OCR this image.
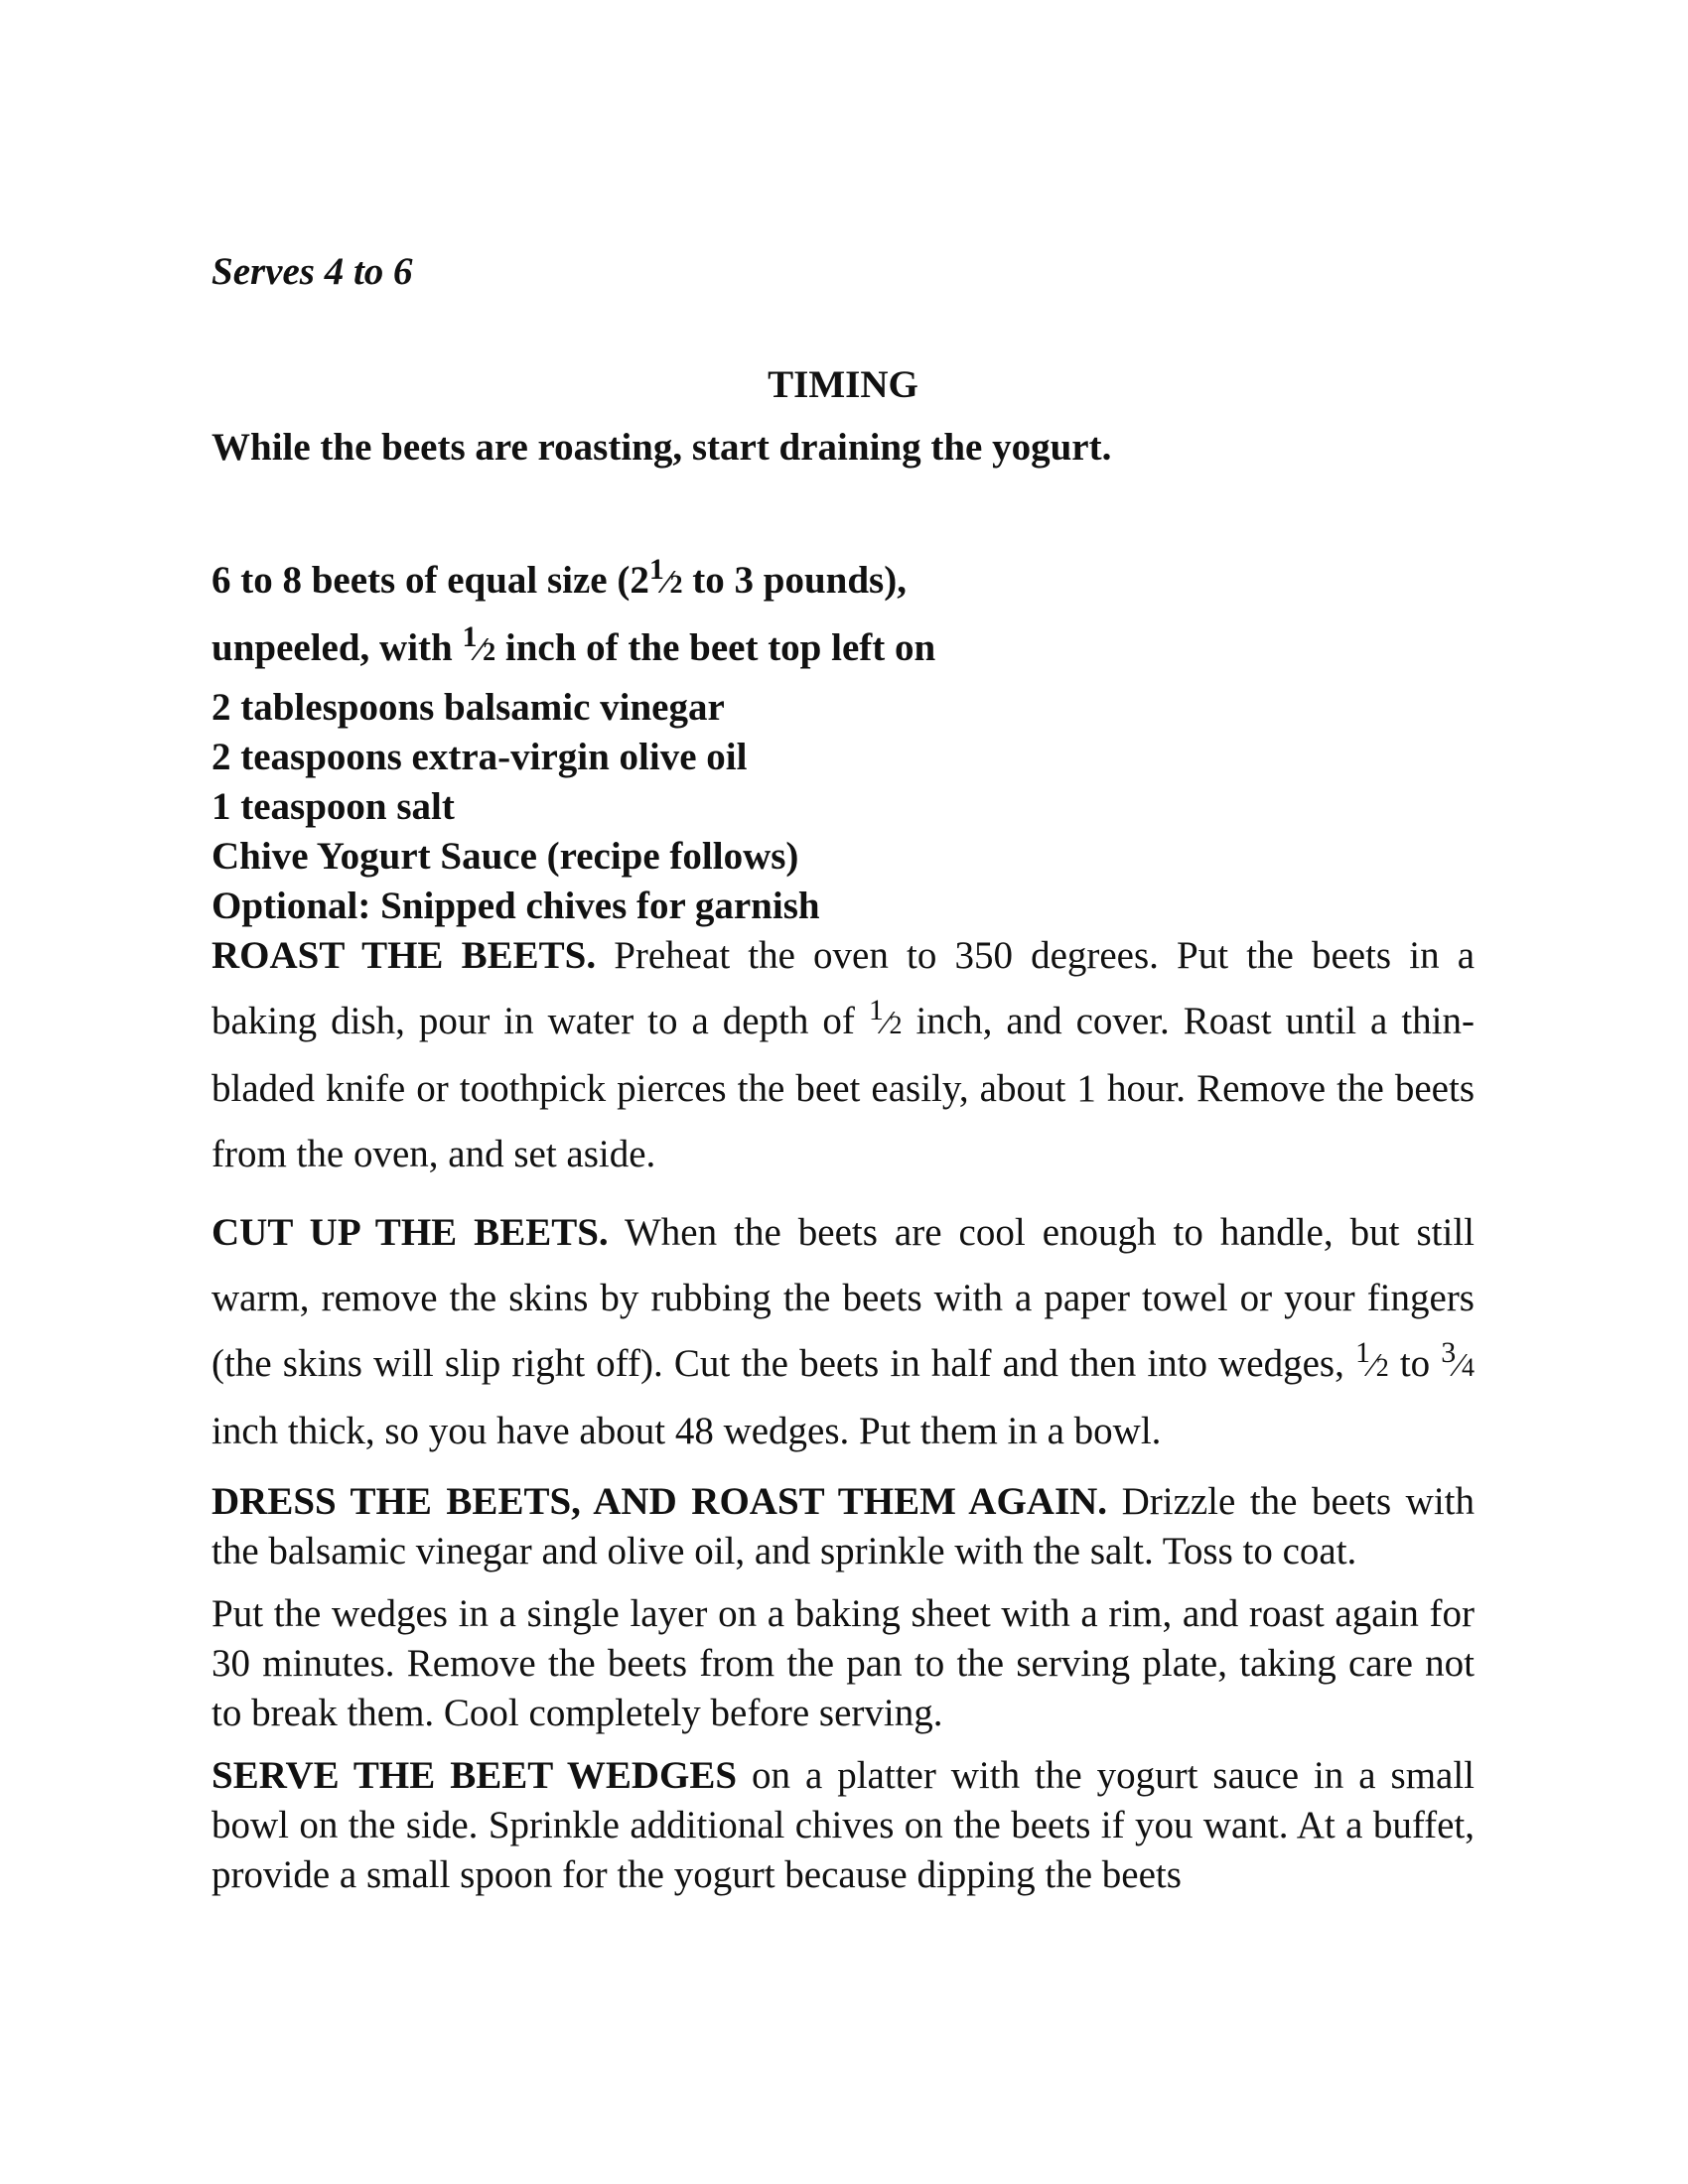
Serves 4 to 6

TIMING

While the beets are roasting, start draining the yogurt.

6 to 8 beets of equal size ($2^1⁄2$ to 3 pounds),
unpeeled, with $^1$⁄2 inch of the beet top left on
2 tablespoons balsamic vinegar
2 teaspoons extra-virgin olive oil
1 teaspoon salt
Chive Yogurt Sauce (recipe follows)
Optional: Snipped chives for garnish

ROAST THE BEETS. Preheat the oven to 350 degrees. Put the beets in a baking dish, pour in water to a depth of $^1$⁄2 inch, and cover. Roast until a thin-bladed knife or toothpick pierces the beet easily, about 1 hour. Remove the beets from the oven, and set aside.

CUT UP THE BEETS. When the beets are cool enough to handle, but still warm, remove the skins by rubbing the beets with a paper towel or your fingers (the skins will slip right off). Cut the beets in half and then into wedges, $^1$⁄2 to $^3$⁄4 inch thick, so you have about 48 wedges. Put them in a bowl.

DRESS THE BEETS, AND ROAST THEM AGAIN. Drizzle the beets with the balsamic vinegar and olive oil, and sprinkle with the salt. Toss to coat.

Put the wedges in a single layer on a baking sheet with a rim, and roast again for 30 minutes. Remove the beets from the pan to the serving plate, taking care not to break them. Cool completely before serving.

SERVE THE BEET WEDGES on a platter with the yogurt sauce in a small bowl on the side. Sprinkle additional chives on the beets if you want. At a buffet, provide a small spoon for the yogurt because dipping the beets
